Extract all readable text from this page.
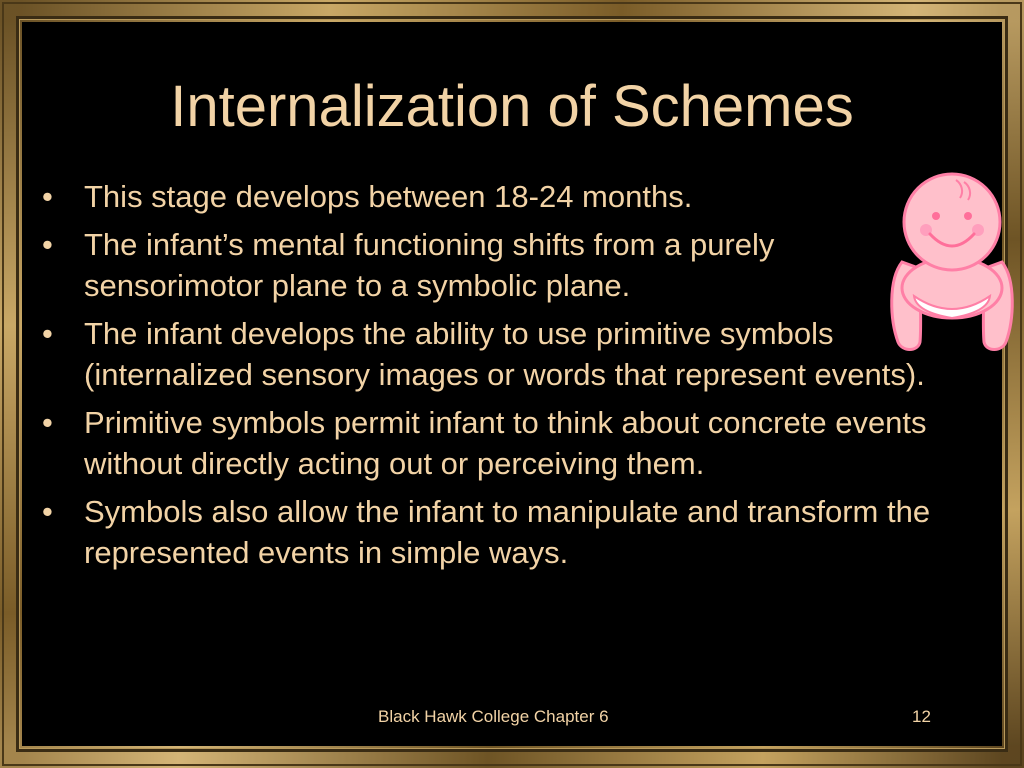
Internalization of Schemes
• This stage develops between 18-24 months.
• The infant’s mental functioning shifts from a purely sensorimotor plane to a symbolic plane.
• The infant develops the ability to use primitive symbols (internalized sensory images or words that represent events).
• Primitive symbols permit infant to think about concrete events without directly acting out or perceiving them.
• Symbols also allow the infant to manipulate and transform the represented events in simple ways.
Black Hawk College Chapter 6	12
